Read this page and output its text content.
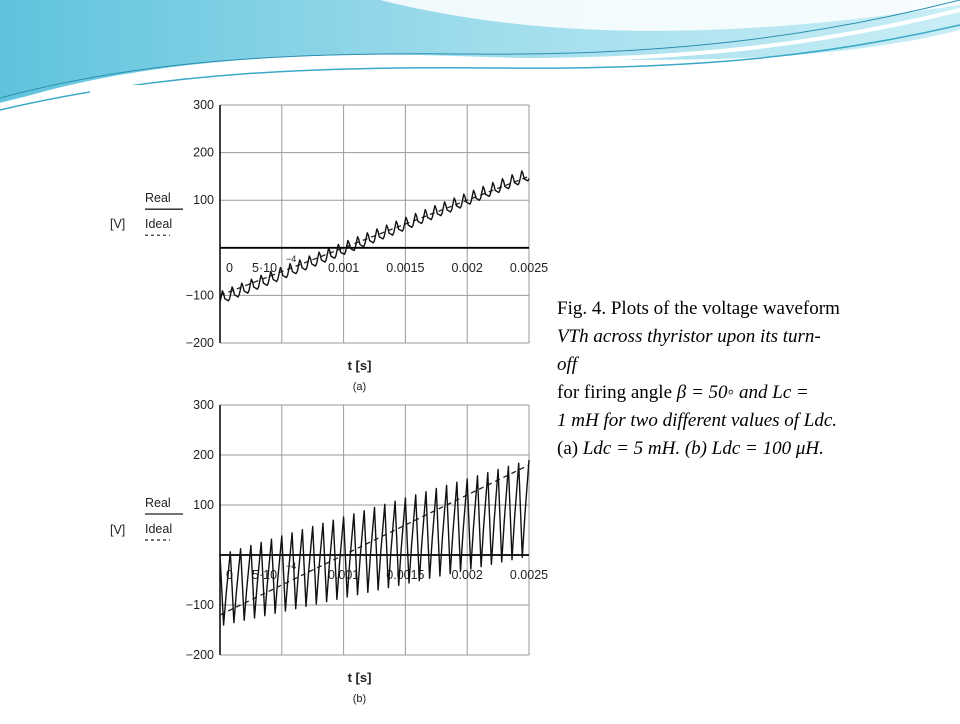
300
200
100
−100
−200
0 5·10
−4
0.001 0.0015 0.002 0.0025
t [s]
(a)
[V]
Real
Ideal
300
200
100
−100
−200
0 5·10
−4
0.001 0.0015 0.002 0.0025
t [s]
(b)
[V]
Real
Ideal
Fig. 4. Plots of the voltage waveform
VTh across thyristor upon its turn-
off
for firing angle β = 50◦ and Lc =
1 mH for two different values of Ldc.
(a) Ldc = 5 mH. (b) Ldc = 100 μH.
